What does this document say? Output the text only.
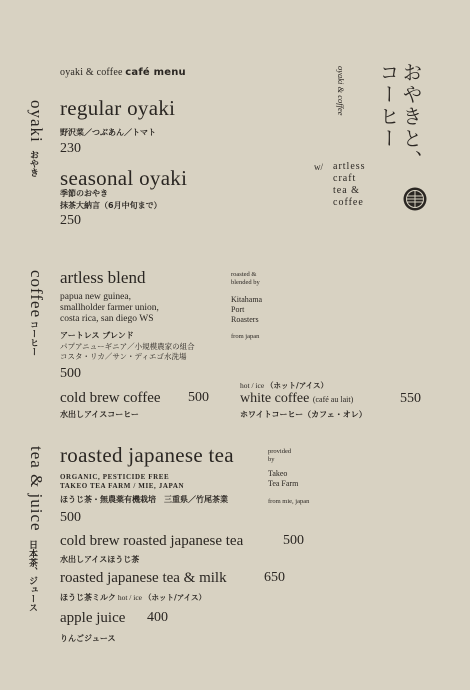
oyaki & coffee café menu	おやきと、
コーヒー
oyaki & coffee
w/ artless
craft
tea &
coffee
oyaki
おやき
regular oyaki
野沢菜／つぶあん／トマト
230
seasonal oyaki
季節のおやき
抹茶大納言（6月中旬まで）
250
coffee
コーヒー
artless blend
papua new guinea,
smallholder farmer union,
costa rica, san diego WS
アートレス ブレンド
パプアニューギニア／小規模農家の組合
コスタ・リカ／サン・ディエゴ水洗場
500
roasted &
blended by
Kitahama
Port
Roasters
from japan
cold brew coffee 500
水出しアイスコーヒー
hot / ice （ホット/アイス）
white coffee (café au lait)	550
ホワイトコーヒー（カフェ・オレ）
tea & juice
日本茶、ジュース
roasted japanese tea
ORGANIC, PESTICIDE FREE
TAKEO TEA FARM / MIE, JAPAN
ほうじ茶・無農薬有機栽培　三重県／竹尾茶業
500
provided
by
Takeo
Tea Farm
from mie, japan
cold brew roasted japanese tea	500
水出しアイスほうじ茶
roasted japanese tea & milk	650
ほうじ茶ミルク hot / ice （ホット/アイス）
apple juice 400
りんごジュース
